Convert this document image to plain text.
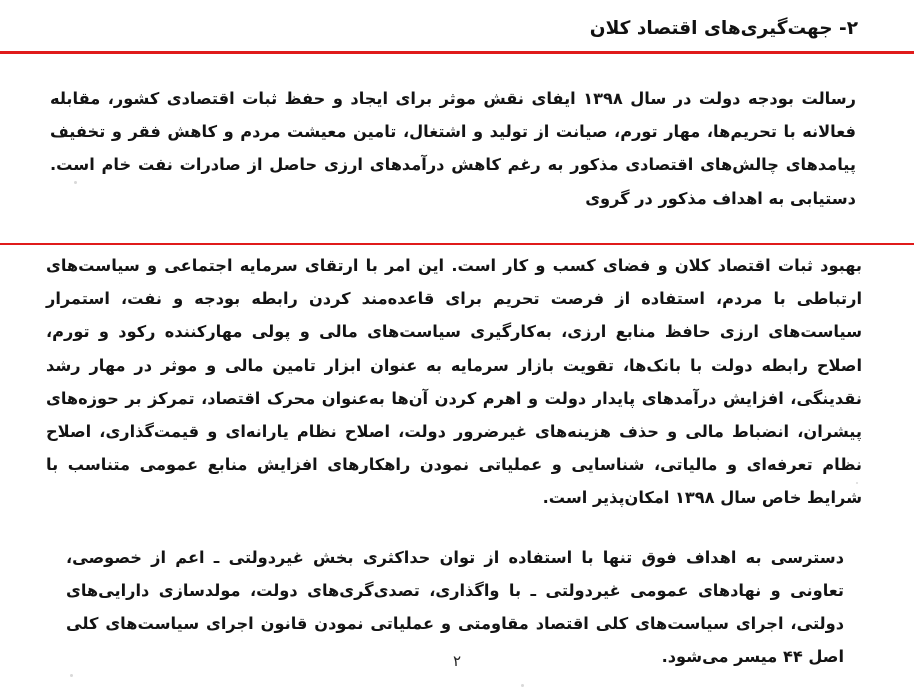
۲- جهت‌گیری‌های اقتصاد کلان

رسالت بودجه دولت در سال ۱۳۹۸ ایفای نقش موثر برای ایجاد و حفظ ثبات اقتصادی کشور، مقابله فعالانه با تحریم‌ها، مهار تورم، صیانت از تولید و اشتغال، تامین معیشت مردم و کاهش فقر و تخفیف پیامدهای چالش‌های اقتصادی مذکور به رغم کاهش درآمدهای ارزی حاصل از صادرات نفت خام است. دستیابی به اهداف مذکور در گروی

بهبود ثبات اقتصاد کلان و فضای کسب و کار است. این امر با ارتقای سرمایه اجتماعی و سیاست‌های ارتباطی با مردم، استفاده از فرصت تحریم برای قاعده‌مند کردن رابطه بودجه و نفت، استمرار سیاست‌های ارزی حافظ منابع ارزی، به‌کارگیری سیاست‌های مالی و پولی مهارکننده رکود و تورم، اصلاح رابطه دولت با بانک‌ها، تقویت بازار سرمایه به عنوان ابزار تامین مالی و موثر در مهار رشد نقدینگی، افزایش درآمدهای پایدار دولت و اهرم کردن آن‌ها به‌عنوان محرک اقتصاد، تمرکز بر حوزه‌های پیشران، انضباط مالی و حذف هزینه‌های غیرضرور دولت، اصلاح نظام یارانه‌ای و قیمت‌گذاری، اصلاح نظام تعرفه‌ای و مالیاتی، شناسایی و عملیاتی نمودن راهکارهای افزایش منابع عمومی متناسب با شرایط خاص سال ۱۳۹۸ امکان‌پذیر است.

دسترسی به اهداف فوق تنها با استفاده از توان حداکثری بخش غیردولتی ـ اعم از خصوصی، تعاونی و نهادهای عمومی غیردولتی ـ با واگذاری، تصدی‌گری‌های دولت، مولدسازی دارایی‌های دولتی، اجرای سیاست‌های کلی اقتصاد مقاومتی و عملیاتی نمودن قانون اجرای سیاست‌های کلی اصل ۴۴ میسر می‌شود.

۲
